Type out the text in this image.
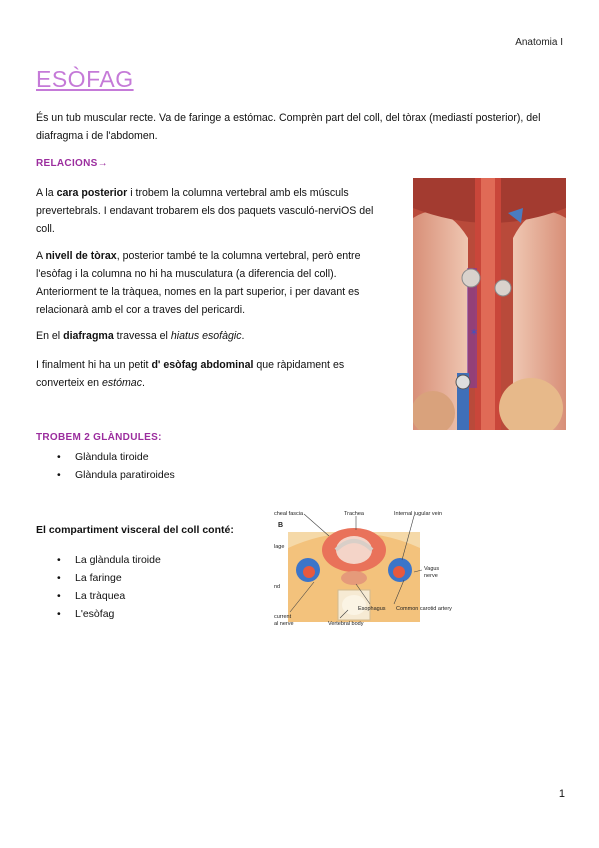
Anatomia I
ESÒFAG
És un tub muscular recte. Va de faringe a estómac. Comprèn part del coll, del tòrax (mediastí posterior), del diafragma i de l'abdomen.
RELACIONS→
A la cara posterior i trobem la columna vertebral amb els músculs prevertebrals. I endavant trobarem els dos paquets vasculó-nerviOS del coll.
A nivell de tòrax, posterior també te la columna vertebral, però entre l'esòfag i la columna no hi ha musculatura (a diferencia del coll). Anteriorment te la tràquea, nomes en la part superior, i per davant es relacionarà amb el cor a traves del pericardi.
En el diafragma travessa el hiatus esofàgic.
I finalment hi ha un petit d' esòfag abdominal que ràpidament es converteix en estómac.
*
TROBEM 2 GLÀNDULES:
• Glàndula tiroide
• Glàndula paratiroides
El compartiment visceral del coll conté:
• La glàndula tiroide
• La faringe
• La tràquea
• L'esòfag
B
cheal fascia	Trachea	Internal jugular vein
lage
nd
Vagus nerve
Common carotid artery
Esophagus
current al nerve	Vertebral body
1
